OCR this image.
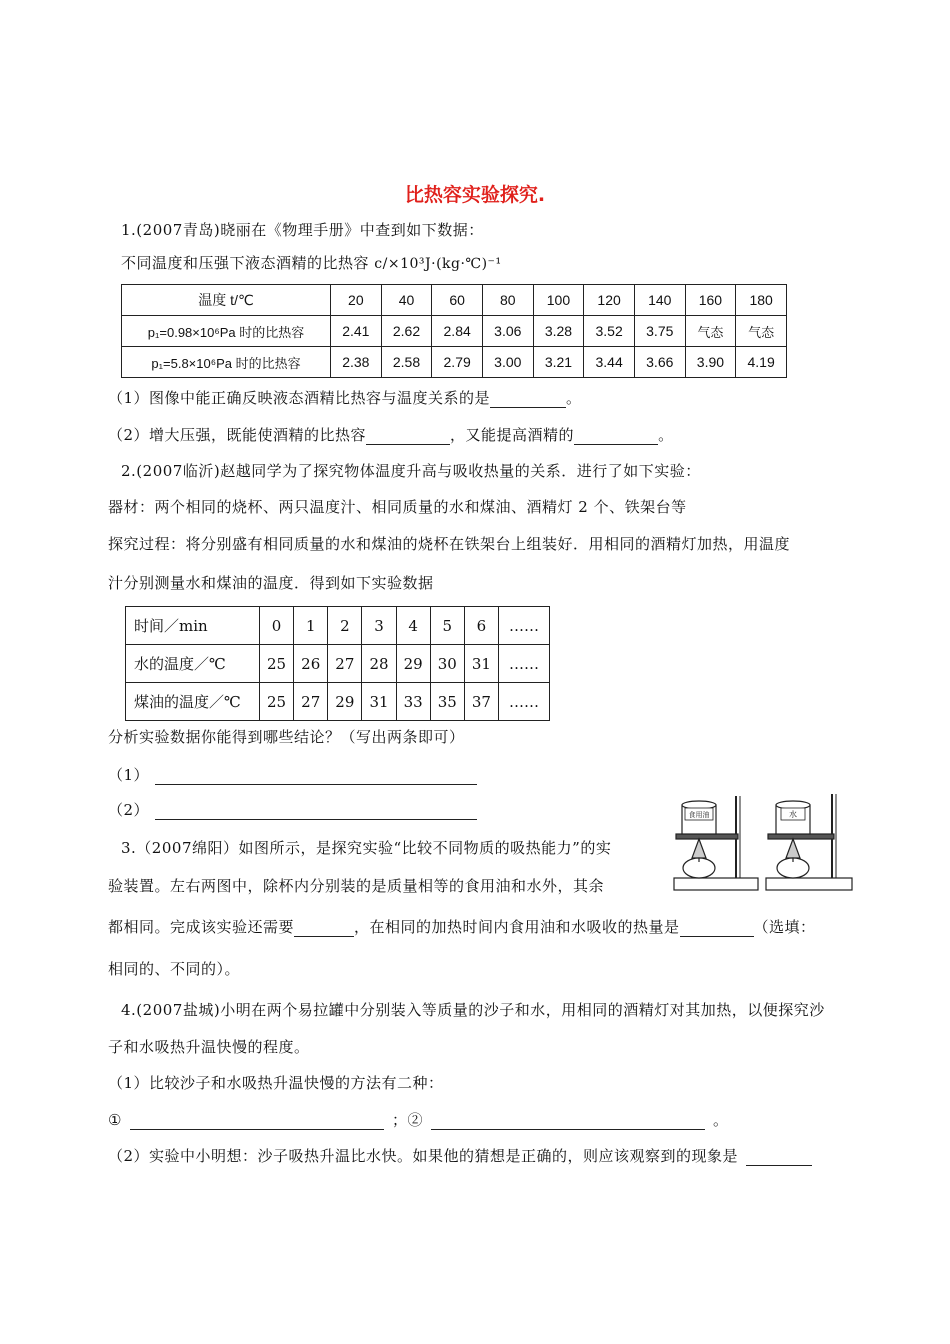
比热容实验探究.
1.(2007青岛)晓丽在《物理手册》中查到如下数据：
不同温度和压强下液态酒精的比热容 c/×10³J·(kg·℃)⁻¹
温度 t/℃	20	40	60	80	100	120	140	160	180
p₁=0.98×10⁶Pa 时的比热容	2.41	2.62	2.84	3.06	3.28	3.52	3.75	气态	气态
p₁=5.8×10⁶Pa 时的比热容	2.38	2.58	2.79	3.00	3.21	3.44	3.66	3.90	4.19
（1）图像中能正确反映液态酒精比热容与温度关系的是	。
（2）增大压强，既能使酒精的比热容	，又能提高酒精的	。
2.(2007临沂)赵越同学为了探究物体温度升高与吸收热量的关系．进行了如下实验：
器材：两个相同的烧杯、两只温度汁、相同质量的水和煤油、酒精灯 2 个、铁架台等
探究过程：将分别盛有相同质量的水和煤油的烧杯在铁架台上组装好．用相同的酒精灯加热，用温度
汁分别测量水和煤油的温度．得到如下实验数据
时间／min	0	1	2	3	4	5	6	……
水的温度／℃	25	26	27	28	29	30	31	……
煤油的温度／℃	25	27	29	31	33	35	37	……
分析实验数据你能得到哪些结论？（写出两条即可）
（1）
（2）
3.（2007绵阳）如图所示，是探究实验“比较不同物质的吸热能力”的实
验装置。左右两图中，除杯内分别装的是质量相等的食用油和水外，其余
都相同。完成该实验还需要	，在相同的加热时间内食用油和水吸收的热量是	（选填：
相同的、不同的）。
食用油	水
4.(2007盐城)小明在两个易拉罐中分别装入等质量的沙子和水，用相同的酒精灯对其加热，以便探究沙
子和水吸热升温快慢的程度。
（1）比较沙子和水吸热升温快慢的方法有二种：
①	；②	。
（2）实验中小明想：沙子吸热升温比水快。如果他的猜想是正确的，则应该观察到的现象是
